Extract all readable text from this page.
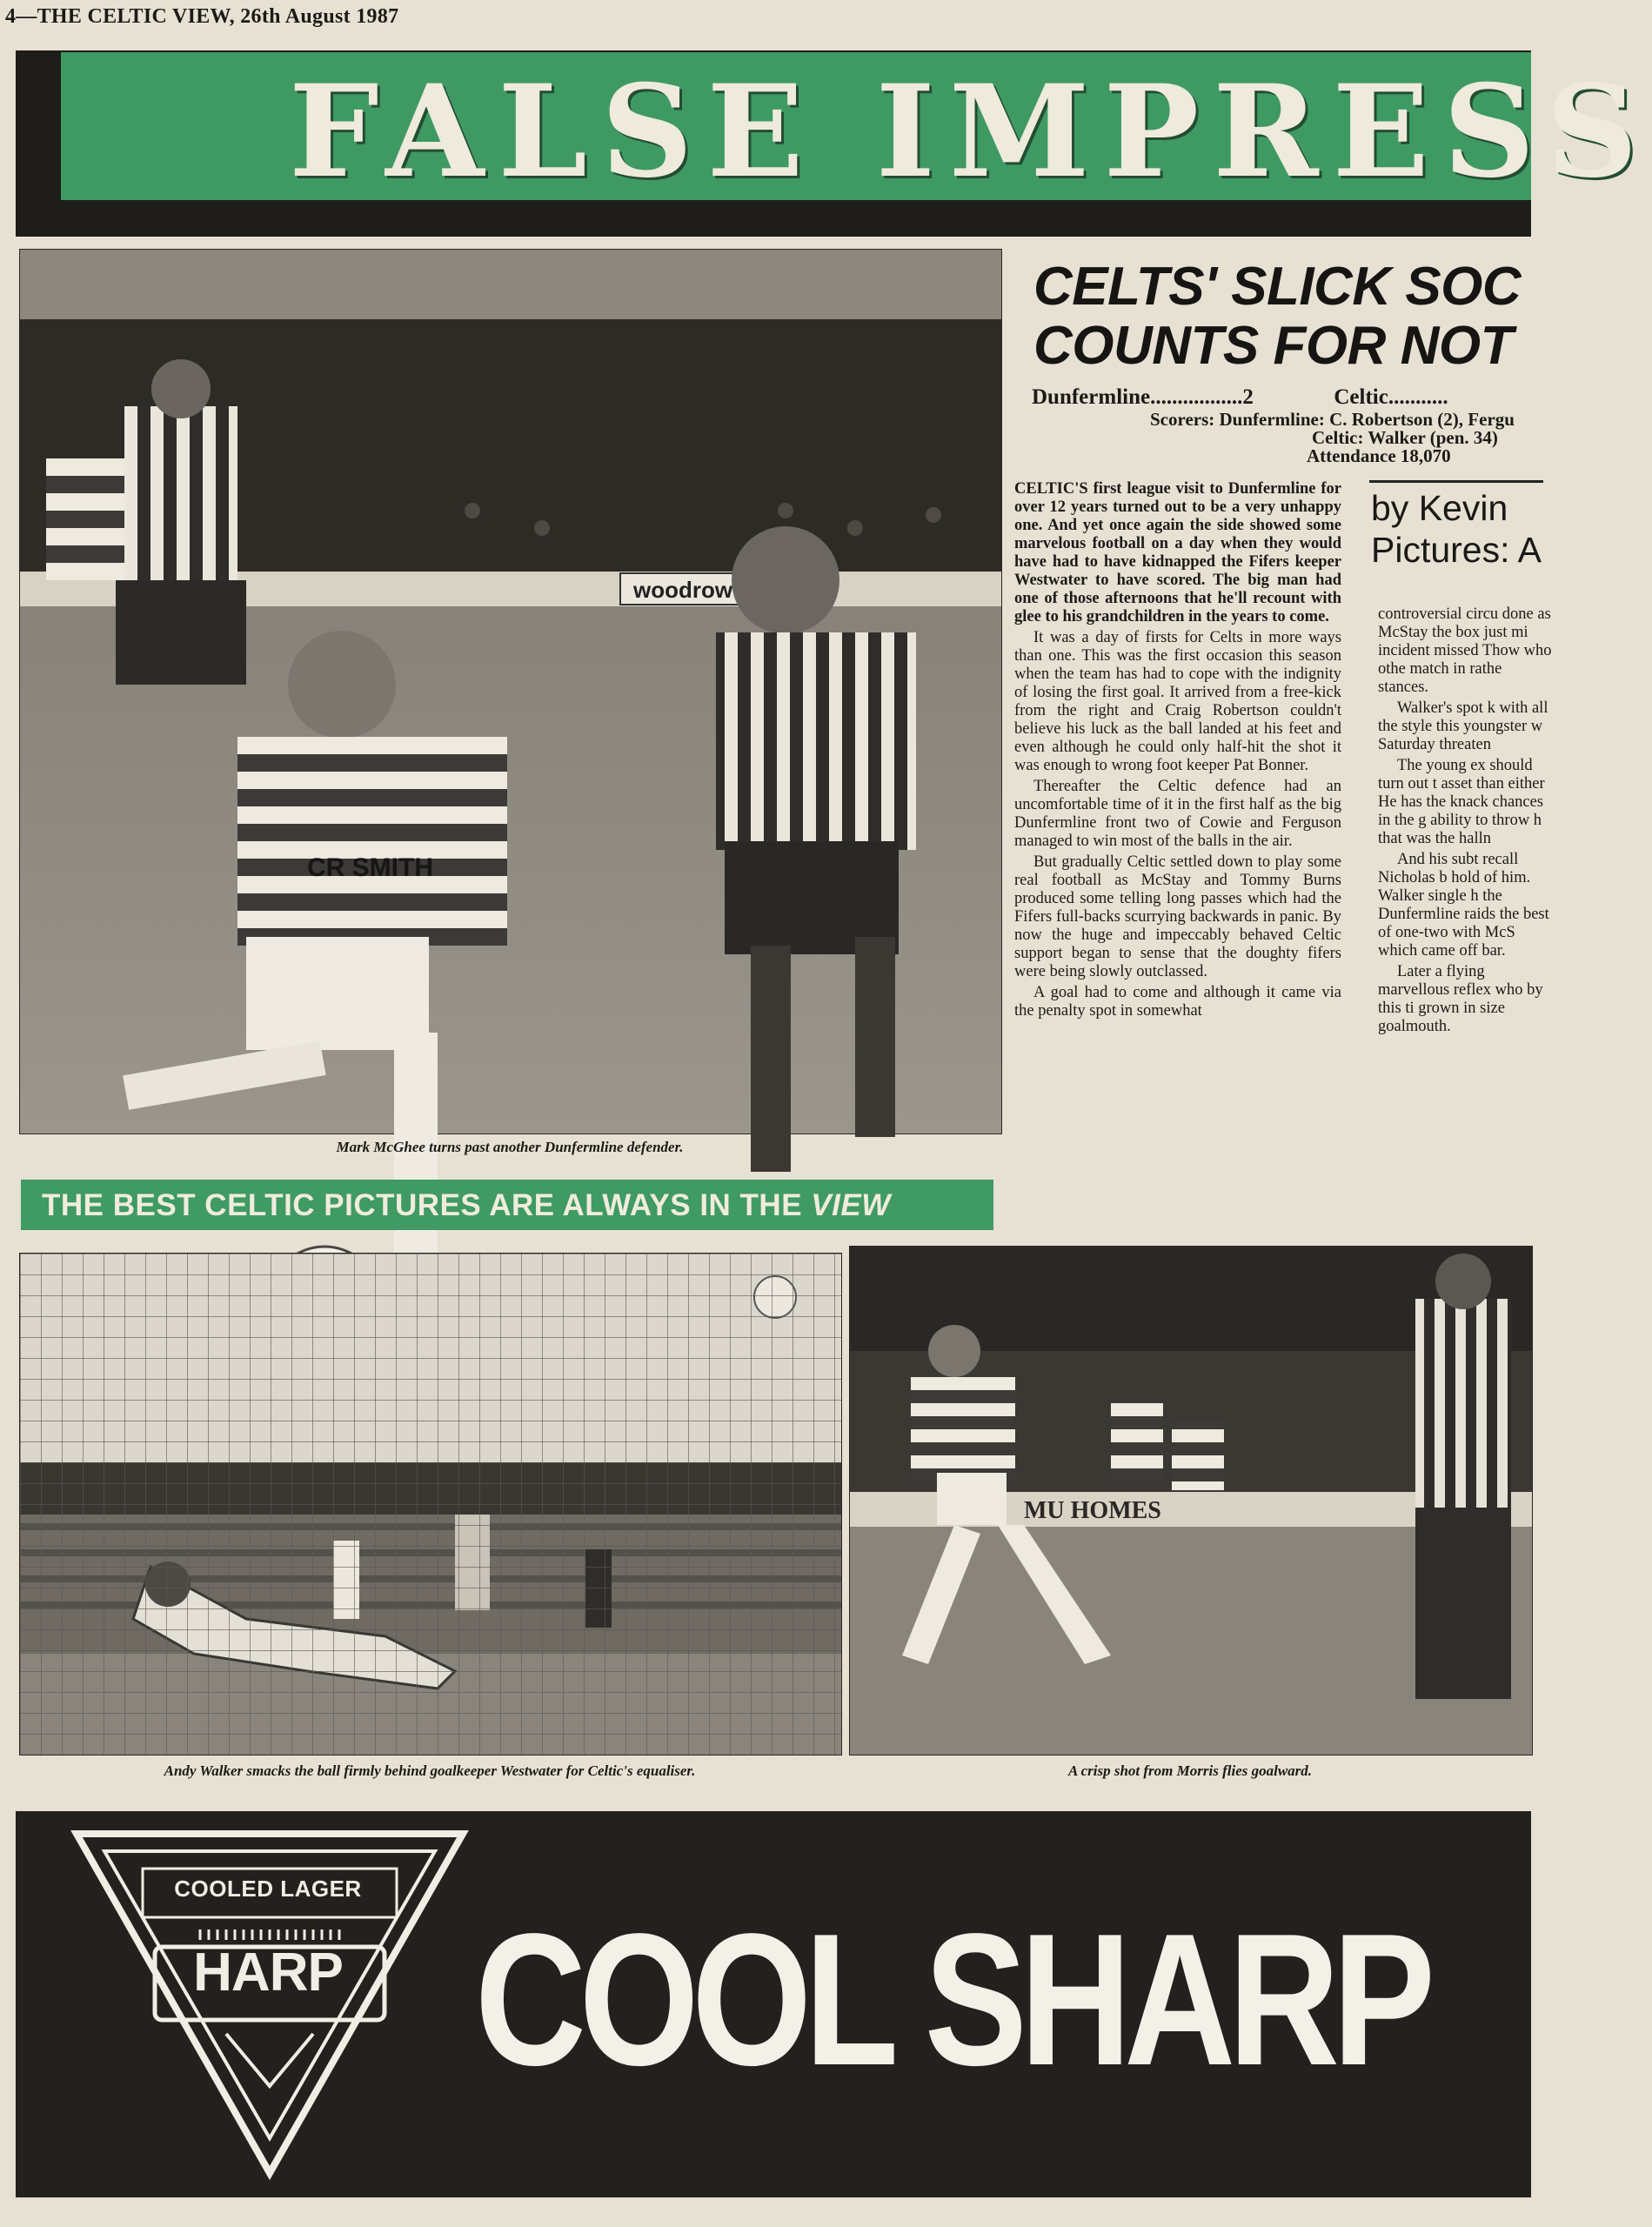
4—THE CELTIC VIEW, 26th August 1987
FALSE IMPRESS
woodrow
CR SMITH
Mark McGhee turns past another Dunfermline defender.
THE BEST CELTIC PICTURES ARE ALWAYS IN THE VIEW
CELTS' SLICK SOC
COUNTS FOR NOT
Dunfermline.................2	Celtic...........
Scorers: Dunfermline: C. Robertson (2), Fergu
Celtic: Walker (pen. 34)
Attendance 18,070

CELTIC'S first league visit to Dunfermline for over 12 years turned out to be a very unhappy one. And yet once again the side showed some marvelous football on a day when they would have had to have kidnapped the Fifers keeper Westwater to have scored. The big man had one of those afternoons that he'll recount with glee to his grandchildren in the years to come.

It was a day of firsts for Celts in more ways than one. This was the first occasion this season when the team has had to cope with the indignity of losing the first goal. It arrived from a free-kick from the right and Craig Robertson couldn't believe his luck as the ball landed at his feet and even although he could only half-hit the shot it was enough to wrong foot keeper Pat Bonner.

Thereafter the Celtic defence had an uncomfortable time of it in the first half as the big Dunfermline front two of Cowie and Ferguson managed to win most of the balls in the air.

But gradually Celtic settled down to play some real football as McStay and Tommy Burns produced some telling long passes which had the Fifers full-backs scurrying backwards in panic. By now the huge and impeccably behaved Celtic support began to sense that the doughty fifers were being slowly outclassed.

A goal had to come and although it came via the penalty spot in somewhat

by Kevin
Pictures: A

controversial circu done as McStay the box just mi incident missed Thow who othe match in rathe stances.

Walker's spot k with all the style this youngster w Saturday threaten

The young ex should turn out t asset than either He has the knack chances in the g ability to throw h that was the halln

And his subt recall Nicholas b hold of him. Walker single h the Dunfermline raids the best of one-two with McS which came off bar.

Later a flying marvellous reflex who by this ti grown in size goalmouth.

Andy Walker smacks the ball firmly behind goalkeeper Westwater for Celtic's equaliser.
MU HOMES
A crisp shot from Morris flies goalward.
COOLED LAGER
HARP COOL SHARP
